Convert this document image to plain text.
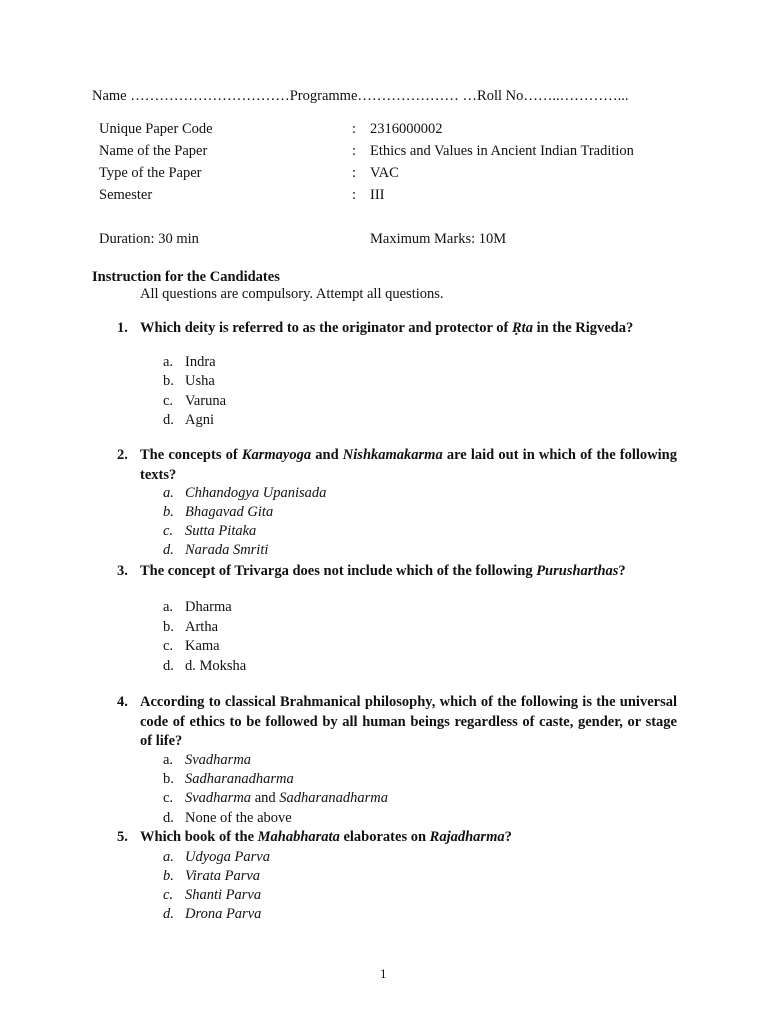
Name ……………………………Programme………………… …Roll No……..…………...
Unique Paper Code	: 2316000002
Name of the Paper	: Ethics and Values in Ancient Indian Tradition
Type of the Paper	: VAC
Semester	: III
Duration: 30 min	Maximum Marks: 10M
Instruction for the Candidates
All questions are compulsory. Attempt all questions.
1. Which deity is referred to as the originator and protector of Ṛta in the Rigveda?
a. Indra
b. Usha
c. Varuna
d. Agni
2. The concepts of Karmayoga and Nishkamakarma are laid out in which of the following texts?
a. Chhandogya Upanisada
b. Bhagavad Gita
c. Sutta Pitaka
d. Narada Smriti
3. The concept of Trivarga does not include which of the following Purusharthas?
a. Dharma
b. Artha
c. Kama
d. d. Moksha
4. According to classical Brahmanical philosophy, which of the following is the universal code of ethics to be followed by all human beings regardless of caste, gender, or stage of life?
a. Svadharma
b. Sadharanadharma
c. Svadharma and Sadharanadharma
d. None of the above
5. Which book of the Mahabharata elaborates on Rajadharma?
a. Udyoga Parva
b. Virata Parva
c. Shanti Parva
d. Drona Parva
1
